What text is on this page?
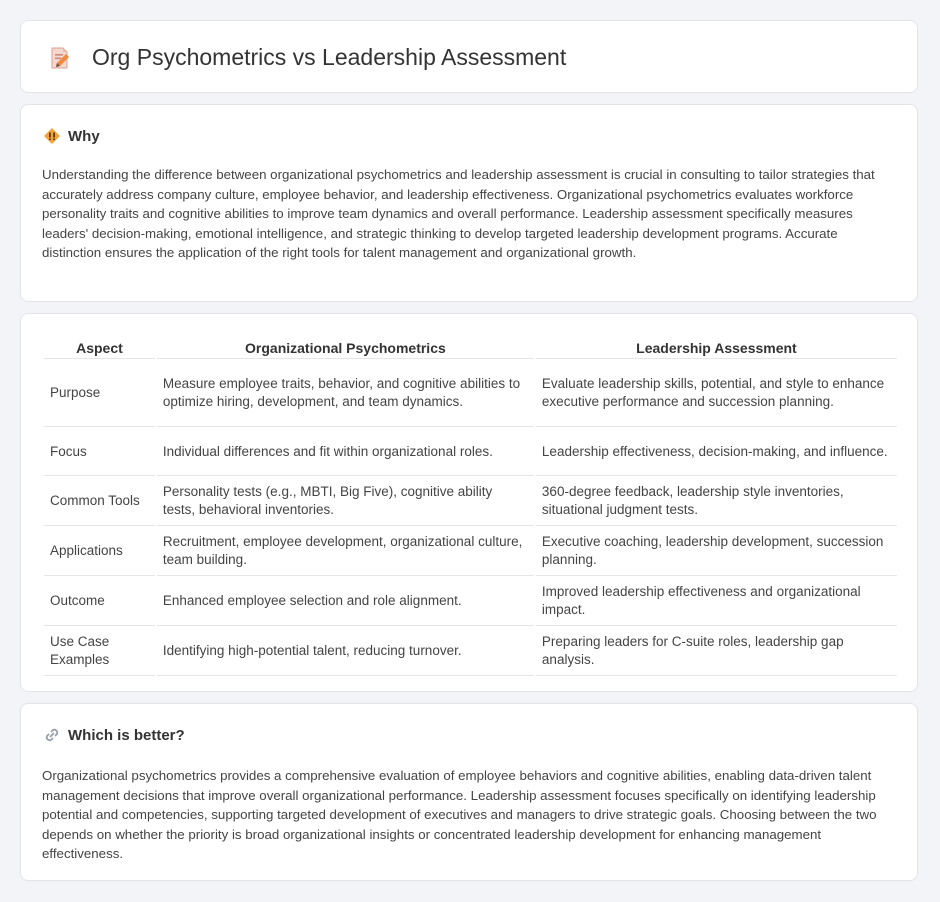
Org Psychometrics vs Leadership Assessment
Why

Understanding the difference between organizational psychometrics and leadership assessment is crucial in consulting to tailor strategies that accurately address company culture, employee behavior, and leadership effectiveness. Organizational psychometrics evaluates workforce personality traits and cognitive abilities to improve team dynamics and overall performance. Leadership assessment specifically measures leaders' decision-making, emotional intelligence, and strategic thinking to develop targeted leadership development programs. Accurate distinction ensures the application of the right tools for talent management and organizational growth.

Aspect	Organizational Psychometrics	Leadership Assessment
Purpose	Measure employee traits, behavior, and cognitive abilities to optimize hiring, development, and team dynamics.	Evaluate leadership skills, potential, and style to enhance executive performance and succession planning.
Focus	Individual differences and fit within organizational roles.	Leadership effectiveness, decision-making, and influence.
Common Tools	Personality tests (e.g., MBTI, Big Five), cognitive ability tests, behavioral inventories.	360-degree feedback, leadership style inventories, situational judgment tests.
Applications	Recruitment, employee development, organizational culture, team building.	Executive coaching, leadership development, succession planning.
Outcome	Enhanced employee selection and role alignment.	Improved leadership effectiveness and organizational impact.
Use Case Examples	Identifying high-potential talent, reducing turnover.	Preparing leaders for C-suite roles, leadership gap analysis.
Which is better?

Organizational psychometrics provides a comprehensive evaluation of employee behaviors and cognitive abilities, enabling data-driven talent management decisions that improve overall organizational performance. Leadership assessment focuses specifically on identifying leadership potential and competencies, supporting targeted development of executives and managers to drive strategic goals. Choosing between the two depends on whether the priority is broad organizational insights or concentrated leadership development for enhancing management effectiveness.
